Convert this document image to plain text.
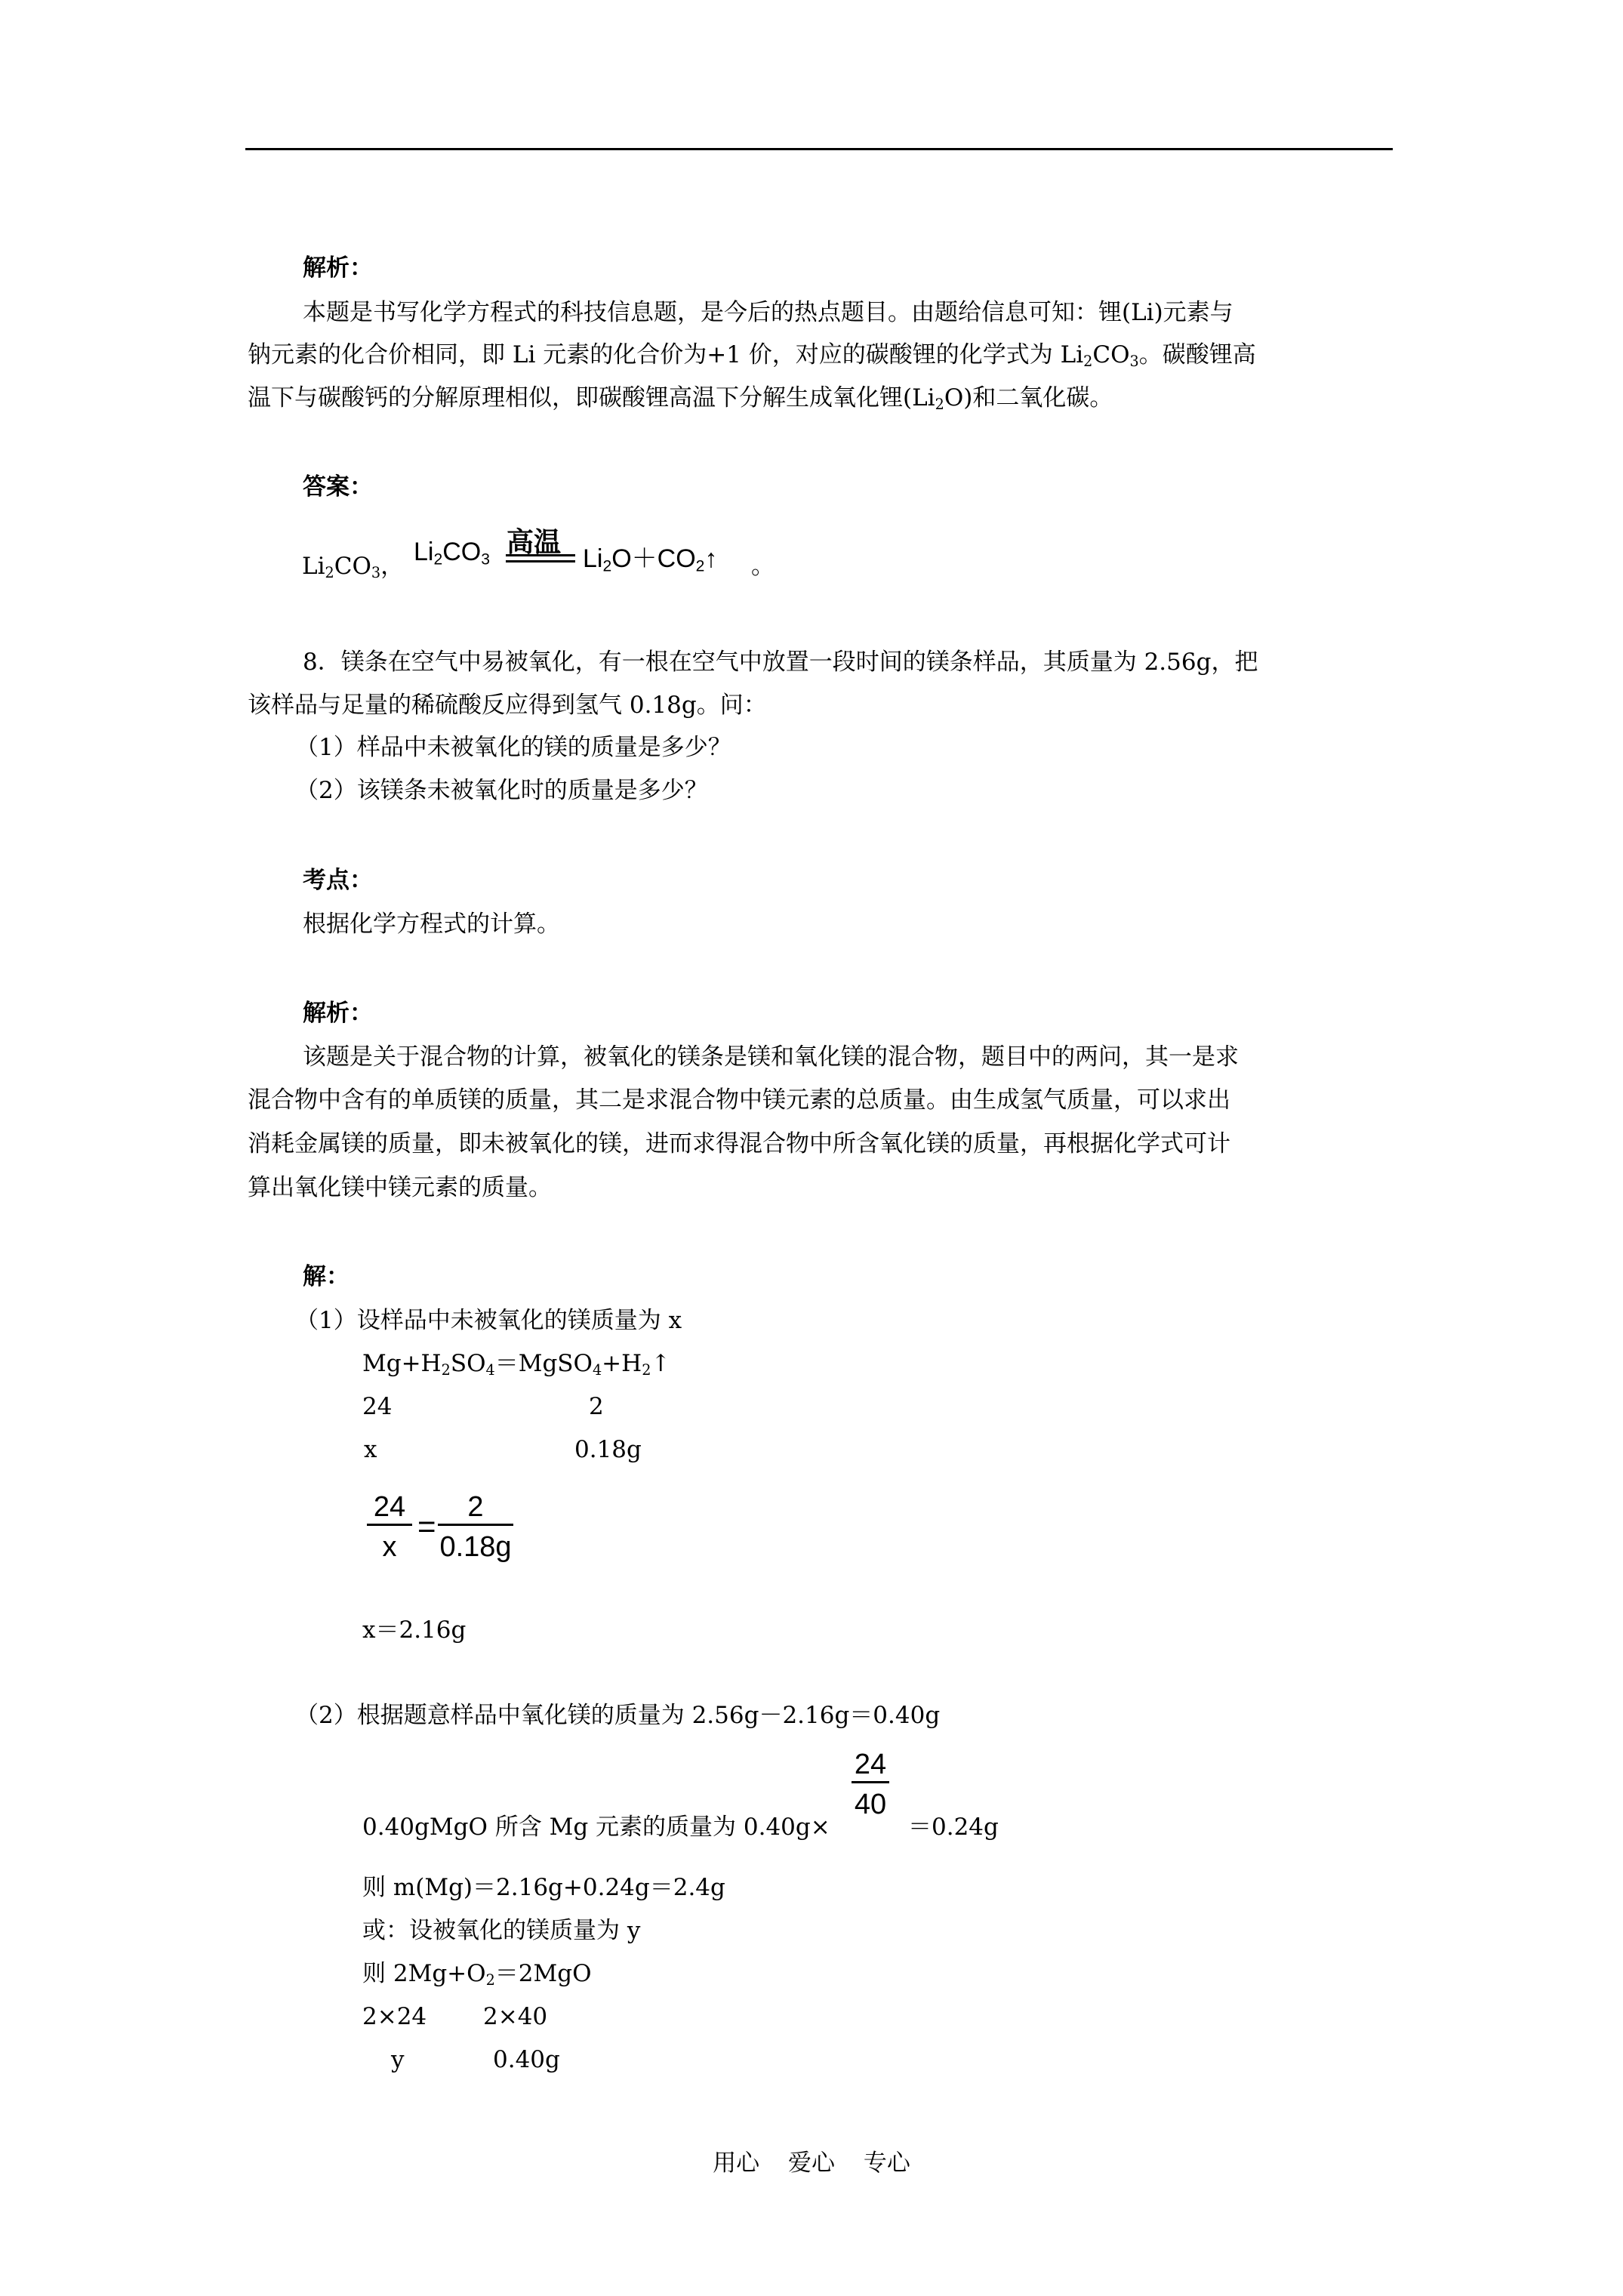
解析：
本题是书写化学方程式的科技信息题，是今后的热点题目。由题给信息可知：锂(Li)元素与
钠元素的化合价相同，即 Li 元素的化合价为+1 价，对应的碳酸锂的化学式为 $Li_2CO_3$。碳酸锂高
温下与碳酸钙的分解原理相似，即碳酸锂高温下分解生成氧化锂$(Li_2O)$和二氧化碳。
答案：
$Li_2CO_3$， $Li_2CO_3$
高温
$Li_2O+CO_2↑$ 。
8．镁条在空气中易被氧化，有一根在空气中放置一段时间的镁条样品，其质量为 2.56g，把
该样品与足量的稀硫酸反应得到氢气 0.18g。问：
（1）样品中未被氧化的镁的质量是多少？
（2）该镁条未被氧化时的质量是多少？
考点：
根据化学方程式的计算。
解析：
该题是关于混合物的计算，被氧化的镁条是镁和氧化镁的混合物，题目中的两问，其一是求
混合物中含有的单质镁的质量，其二是求混合物中镁元素的总质量。由生成氢气质量，可以求出
消耗金属镁的质量，即未被氧化的镁，进而求得混合物中所含氧化镁的质量，再根据化学式可计
算出氧化镁中镁元素的质量。
解：
（1）设样品中未被氧化的镁质量为 x
$Mg+H_2SO_4=MgSO_4+H_2↑$
24	2
x	0.18g
$\frac{24}{x} = \frac{2}{0.18g}$
x＝2.16g
（2）根据题意样品中氧化镁的质量为 2.56g－2.16g＝0.40g
0.40gMgO 所含 Mg 元素的质量为 0.40g×
$\frac{24}{40}$
＝0.24g
则 m(Mg)＝2.16g+0.24g＝2.4g
或：设被氧化的镁质量为 y
则 $2Mg+O_2=2MgO$
2×24 2×40
y	0.40g
用心 爱心 专心
